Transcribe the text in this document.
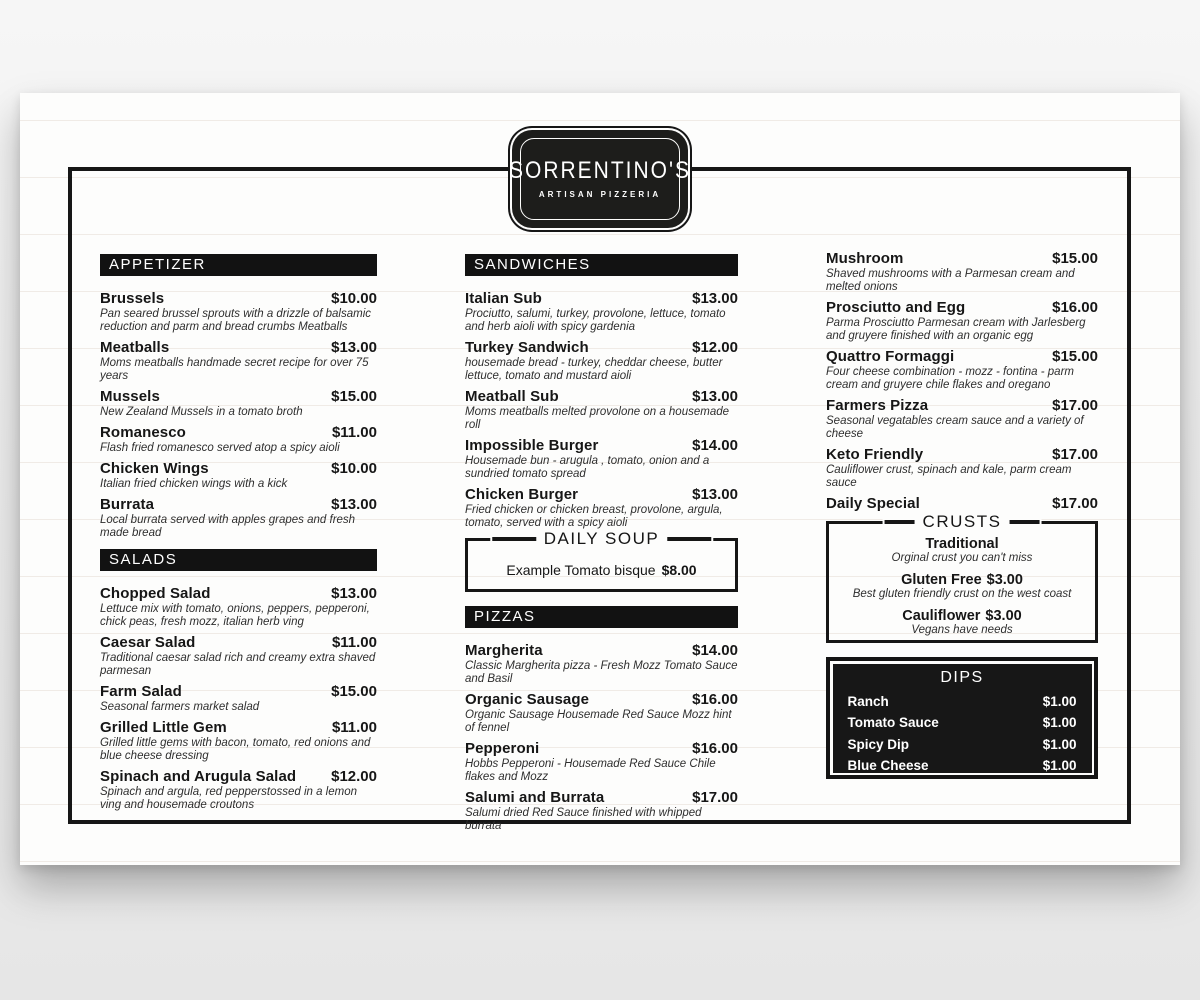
SORRENTINO'S
ARTISAN PIZZERIA
APPETIZER
Brussels	$10.00
Pan seared brussel sprouts with a drizzle of balsamic reduction and parm and bread crumbs Meatballs
Meatballs	$13.00
Moms meatballs handmade secret recipe for over 75 years
Mussels	$15.00
New Zealand Mussels in a tomato broth
Romanesco	$11.00
Flash fried romanesco served atop a spicy aioli
Chicken Wings	$10.00
Italian fried chicken wings with a kick
Burrata	$13.00
Local burrata served with apples grapes and fresh made bread
SALADS
Chopped Salad	$13.00
Lettuce mix with tomato, onions, peppers, pepperoni, chick peas, fresh mozz, italian herb ving
Caesar Salad	$11.00
Traditional caesar salad rich and creamy extra shaved parmesan
Farm Salad	$15.00
Seasonal farmers market salad
Grilled Little Gem	$11.00
Grilled little gems with bacon, tomato, red onions and blue cheese dressing
Spinach and Arugula Salad $12.00
Spinach and argula, red pepperstossed in a lemon ving and housemade croutons
SANDWICHES
Italian Sub	$13.00
Prociutto, salumi, turkey, provolone, lettuce, tomato and herb aioli with spicy gardenia
Turkey Sandwich	$12.00
housemade bread - turkey, cheddar cheese, butter lettuce, tomato and mustard aioli
Meatball Sub	$13.00
Moms meatballs melted provolone on a housemade roll
Impossible Burger	$14.00
Housemade bun - arugula , tomato, onion and a sundried tomato spread
Chicken Burger	$13.00
Fried chicken or chicken breast, provolone, argula, tomato, served with a spicy aioli
DAILY SOUP
Example Tomato bisque $8.00
PIZZAS
Margherita	$14.00
Classic Margherita pizza - Fresh Mozz Tomato Sauce and Basil
Organic Sausage	$16.00
Organic Sausage Housemade Red Sauce Mozz hint of fennel
Pepperoni	$16.00
Hobbs Pepperoni - Housemade Red Sauce Chile flakes and Mozz
Salumi and Burrata	$17.00
Salumi dried Red Sauce finished with whipped burrata
Mushroom	$15.00
Shaved mushrooms with a Parmesan cream and melted onions
Prosciutto and Egg	$16.00
Parma Prosciutto Parmesan cream with Jarlesberg and gruyere finished with an organic egg
Quattro Formaggi	$15.00
Four cheese combination - mozz - fontina - parm cream and gruyere chile flakes and oregano
Farmers Pizza	$17.00
Seasonal vegatables cream sauce and a variety of cheese
Keto Friendly	$17.00
Cauliflower crust, spinach and kale, parm cream sauce
Daily Special	$17.00
CRUSTS
Traditional
Orginal crust you can't miss
Gluten Free $3.00
Best gluten friendly crust on the west coast
Cauliflower $3.00
Vegans have needs
DIPS
Ranch	$1.00
Tomato Sauce	$1.00
Spicy Dip	$1.00
Blue Cheese	$1.00
